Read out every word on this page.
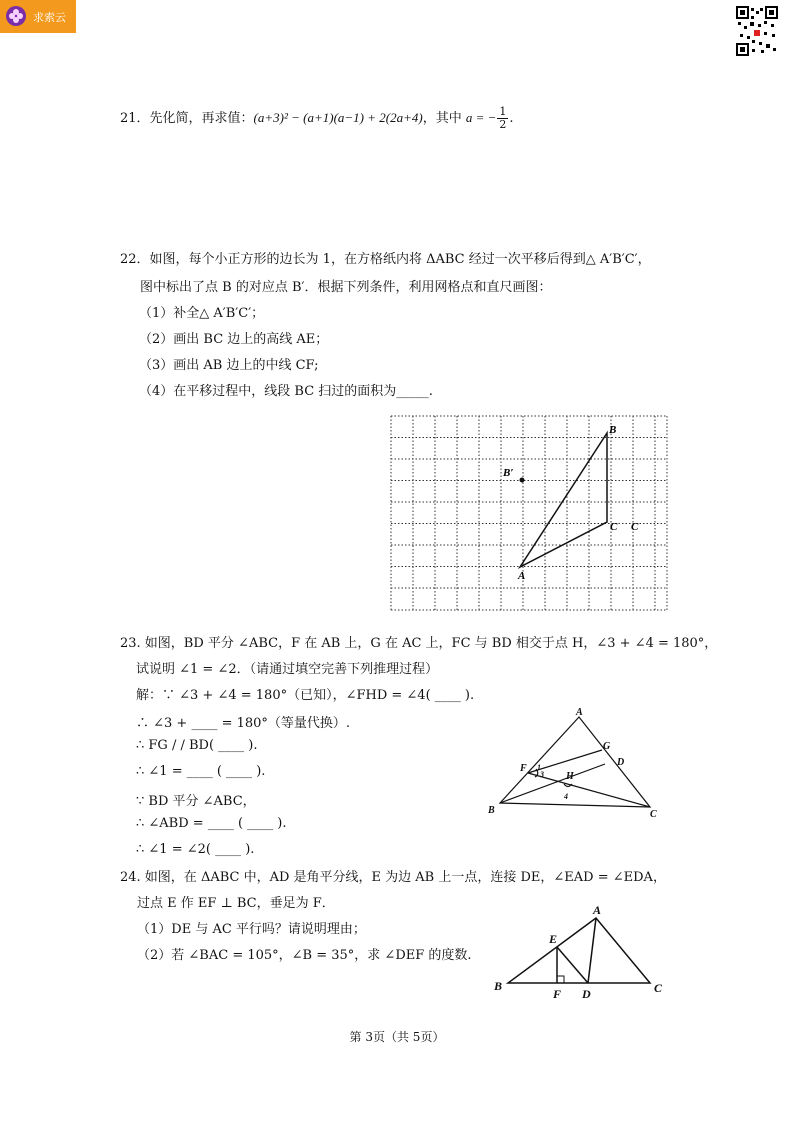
求索云
21．先化简，再求值：(a+3)² − (a+1)(a−1) + 2(2a+4)，其中 a = − $\frac{1}{2}$ .
22．如图，每个小正方形的边长为 1，在方格纸内将 ΔABC 经过一次平移后得到△ A′B′C′，
图中标出了点 B 的对应点 B′．根据下列条件，利用网格点和直尺画图：
（1）补全△ A′B′C′；
（2）画出 BC 边上的高线 AE；
（3）画出 AB 边上的中线 CF;
（4）在平移过程中，线段 BC 扫过的面积为_____.
B
B′
C C
A
23. 如图，BD 平分 ∠ABC，F 在 AB 上，G 在 AC 上，FC 与 BD 相交于点 H，∠3 + ∠4 = 180°，
试说明 ∠1 = ∠2．（请通过填空完善下列推理过程）
解：∵ ∠3 + ∠4 = 180°（已知），∠FHD = ∠4( ____ ).
∴ ∠3 + ____ = 180°（等量代换）.
∴ FG / / BD( ____ ).
∴ ∠1 = ____ ( ____ ).
∵ BD 平分 ∠ABC，
∴ ∠ABD = ____ ( ____ ).
∴ ∠1 = ∠2( ____ ).
A
G
D
F 1
3 H
4
B	C
24. 如图，在 ΔABC 中，AD 是角平分线，E 为边 AB 上一点，连接 DE，∠EAD = ∠EDA，
过点 E 作 EF ⊥ BC，垂足为 F．
（1）DE 与 AC 平行吗？请说明理由；
（2）若 ∠BAC = 105°，∠B = 35°，求 ∠DEF 的度数.
A
E
B
F D	C
第 3页（共 5页）
